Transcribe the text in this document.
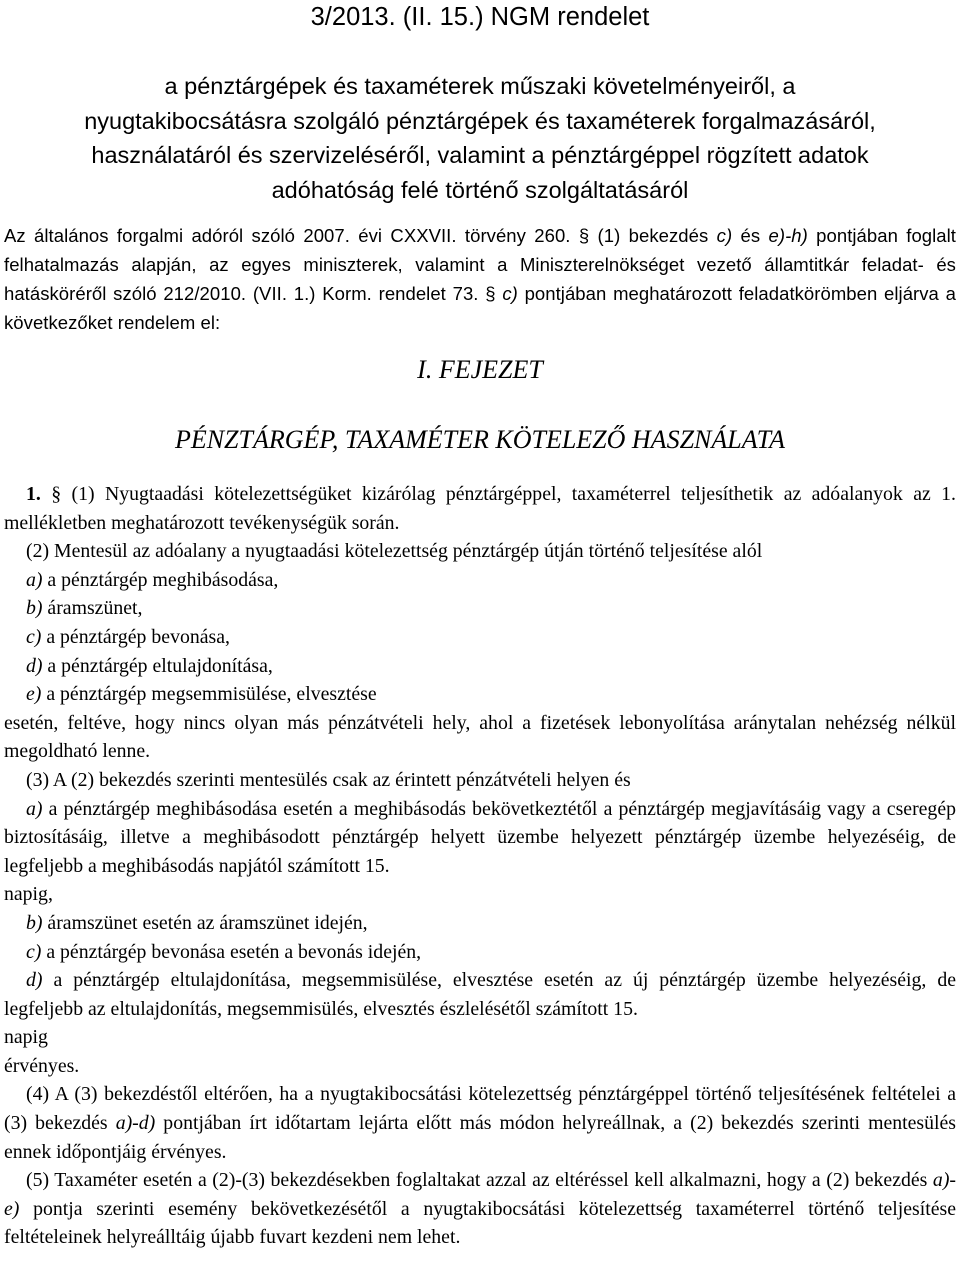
3/2013. (II. 15.) NGM rendelet
a pénztárgépek és taxaméterek műszaki követelményeiről, a
nyugtakibocsátásra szolgáló pénztárgépek és taxaméterek forgalmazásáról,
használatáról és szervizeléséről, valamint a pénztárgéppel rögzített adatok
adóhatóság felé történő szolgáltatásáról

Az általános forgalmi adóról szóló 2007. évi CXXVII. törvény 260. § (1) bekezdés c) és e)-h) pontjában foglalt felhatalmazás alapján, az egyes miniszterek, valamint a Miniszterelnökséget vezető államtitkár feladat- és hatásköréről szóló 212/2010. (VII. 1.) Korm. rendelet 73. § c) pontjában meghatározott feladatkörömben eljárva a következőket rendelem el:

I. FEJEZET
PÉNZTÁRGÉP, TAXAMÉTER KÖTELEZŐ HASZNÁLATA

1. § (1) Nyugtaadási kötelezettségüket kizárólag pénztárgéppel, taxaméterrel teljesíthetik az adóalanyok az 1. mellékletben meghatározott tevékenységük során.

(2) Mentesül az adóalany a nyugtaadási kötelezettség pénztárgép útján történő teljesítése alól

a) a pénztárgép meghibásodása,

b) áramszünet,

c) a pénztárgép bevonása,

d) a pénztárgép eltulajdonítása,

e) a pénztárgép megsemmisülése, elvesztése

esetén, feltéve, hogy nincs olyan más pénzátvételi hely, ahol a fizetések lebonyolítása aránytalan nehézség nélkül megoldható lenne.

(3) A (2) bekezdés szerinti mentesülés csak az érintett pénzátvételi helyen és

a) a pénztárgép meghibásodása esetén a meghibásodás bekövetkeztétől a pénztárgép megjavításáig vagy a cseregép biztosításáig, illetve a meghibásodott pénztárgép helyett üzembe helyezett pénztárgép üzembe helyezéséig, de legfeljebb a meghibásodás napjától számított 15.

napig,

b) áramszünet esetén az áramszünet idején,

c) a pénztárgép bevonása esetén a bevonás idején,

d) a pénztárgép eltulajdonítása, megsemmisülése, elvesztése esetén az új pénztárgép üzembe helyezéséig, de legfeljebb az eltulajdonítás, megsemmisülés, elvesztés észlelésétől számított 15.

napig

érvényes.

(4) A (3) bekezdéstől eltérően, ha a nyugtakibocsátási kötelezettség pénztárgéppel történő teljesítésének feltételei a (3) bekezdés a)-d) pontjában írt időtartam lejárta előtt más módon helyreállnak, a (2) bekezdés szerinti mentesülés ennek időpontjáig érvényes.

(5) Taxaméter esetén a (2)-(3) bekezdésekben foglaltakat azzal az eltéréssel kell alkalmazni, hogy a (2) bekezdés a)-e) pontja szerinti esemény bekövetkezésétől a nyugtakibocsátási kötelezettség taxaméterrel történő teljesítése feltételeinek helyreálltáig újabb fuvart kezdeni nem lehet.
